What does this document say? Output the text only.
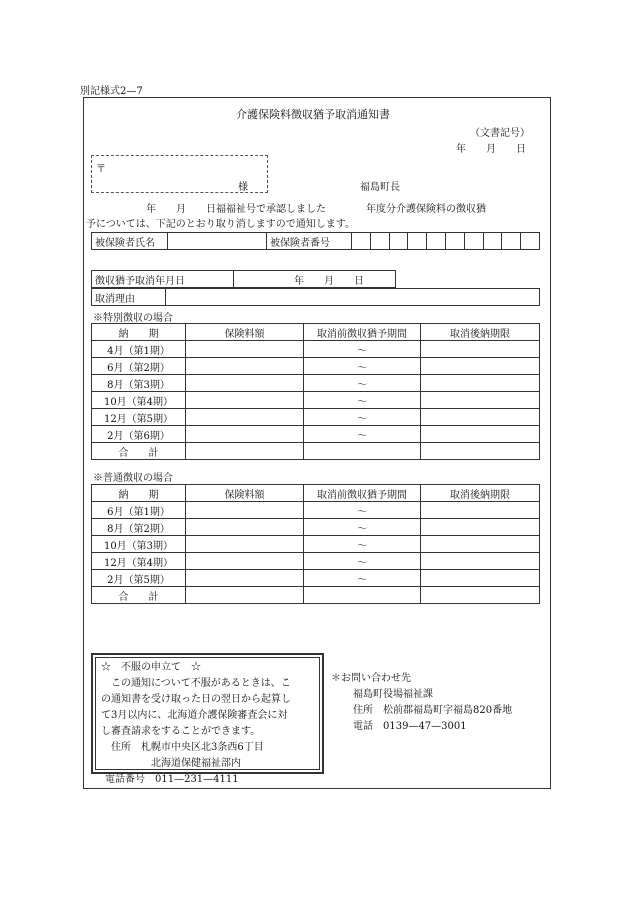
別記様式2—7
介護保険料徴収猶予取消通知書
（文書記号）
年　　月　　日
〒
様	福島町長
年　　月　　日福福祉号で承認しました　　　　年度分介護保険料の徴収猶
予については、下記のとおり取り消しますので通知します。
被保険者氏名		被保険者番号										
徴収猶予取消年月日	年　　月　　日
取消理由	
※特別徴収の場合
納　　期	保険料額	取消前徴収猶予期間	取消後納期限
4月（第1期）		～	
6月（第2期）		～	
8月（第3期）		～	
10月（第4期）		～	
12月（第5期）		～	
2月（第6期）		～	
合　　計			
※普通徴収の場合
納　　期	保険料額	取消前徴収猶予期間	取消後納期限
6月（第1期）		～	
8月（第2期）		～	
10月（第3期）		～	
12月（第4期）		～	
2月（第5期）		～	
合　　計			
☆　不服の申立て　☆
この通知について不服があるときは、こ
の通知書を受け取った日の翌日から起算し
て3月以内に、北海道介護保険審査会に対
し審査請求をすることができます。
住所　札幌市中央区北3条西6丁目
北海道保健福祉部内
電話番号　011—231—4111
＊お問い合わせ先
福島町役場福祉課
住所　松前郡福島町字福島820番地
電話　0139—47—3001
